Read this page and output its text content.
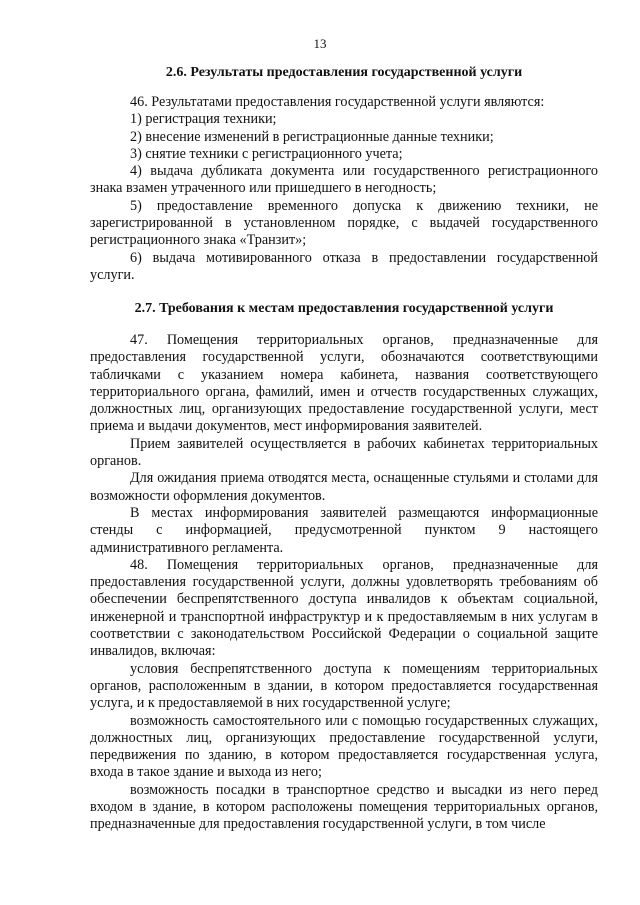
13
2.6. Результаты предоставления государственной услуги

46. Результатами предоставления государственной услуги являются:

1) регистрация техники;

2) внесение изменений в регистрационные данные техники;

3) снятие техники с регистрационного учета;

4) выдача дубликата документа или государственного регистрационного знака взамен утраченного или пришедшего в негодность;

5) предоставление временного допуска к движению техники, не зарегистрированной в установленном порядке, с выдачей государственного регистрационного знака «Транзит»;

6) выдача мотивированного отказа в предоставлении государственной услуги.

2.7. Требования к местам предоставления государственной услуги

47. Помещения территориальных органов, предназначенные для предоставления государственной услуги, обозначаются соответствующими табличками с указанием номера кабинета, названия соответствующего территориального органа, фамилий, имен и отчеств государственных служащих, должностных лиц, организующих предоставление государственной услуги, мест приема и выдачи документов, мест информирования заявителей.

Прием заявителей осуществляется в рабочих кабинетах территориальных органов.

Для ожидания приема отводятся места, оснащенные стульями и столами для возможности оформления документов.

В местах информирования заявителей размещаются информационные стенды с информацией, предусмотренной пунктом 9 настоящего административного регламента.

48. Помещения территориальных органов, предназначенные для предоставления государственной услуги, должны удовлетворять требованиям об обеспечении беспрепятственного доступа инвалидов к объектам социальной, инженерной и транспортной инфраструктур и к предоставляемым в них услугам в соответствии с законодательством Российской Федерации о социальной защите инвалидов, включая:

условия беспрепятственного доступа к помещениям территориальных органов, расположенным в здании, в котором предоставляется государственная услуга, и к предоставляемой в них государственной услуге;

возможность самостоятельного или с помощью государственных служащих, должностных лиц, организующих предоставление государственной услуги, передвижения по зданию, в котором предоставляется государственная услуга, входа в такое здание и выхода из него;

возможность посадки в транспортное средство и высадки из него перед входом в здание, в котором расположены помещения территориальных органов, предназначенные для предоставления государственной услуги, в том числе
